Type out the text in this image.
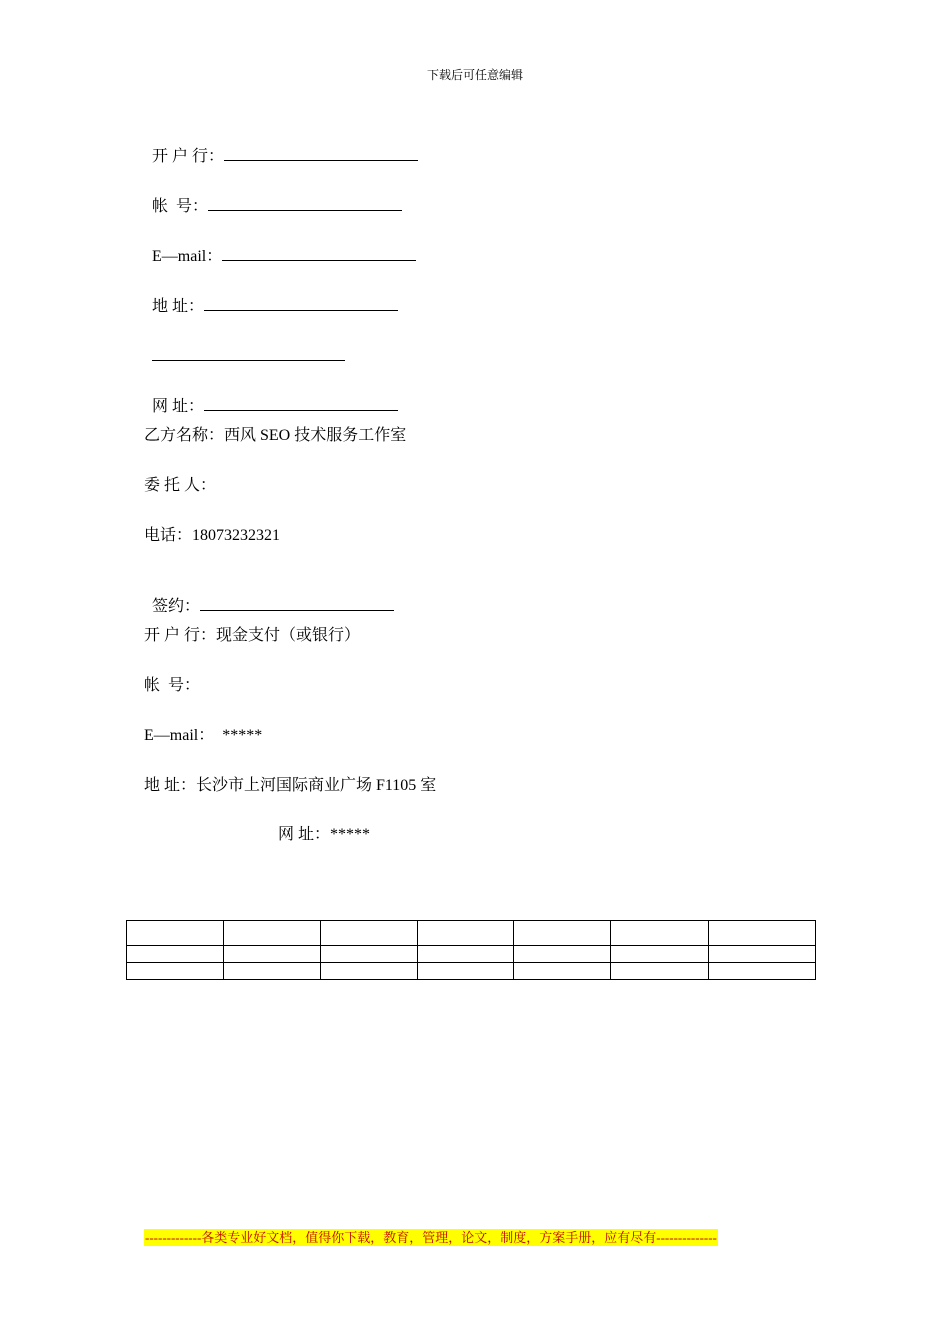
下载后可任意编辑

开 户 行：

帐  号：

E—mail：

地 址：

网 址：

乙方名称：西风 SEO 技术服务工作室
委 托 人：
电话：18073232321

签约：

开 户 行：现金支付（或银行）
帐  号：
E—mail：  *****
地 址：长沙市上河国际商业广场 F1105 室
网 址：*****

-------------各类专业好文档，值得你下载，教育，管理，论文，制度，方案手册，应有尽有--------------
